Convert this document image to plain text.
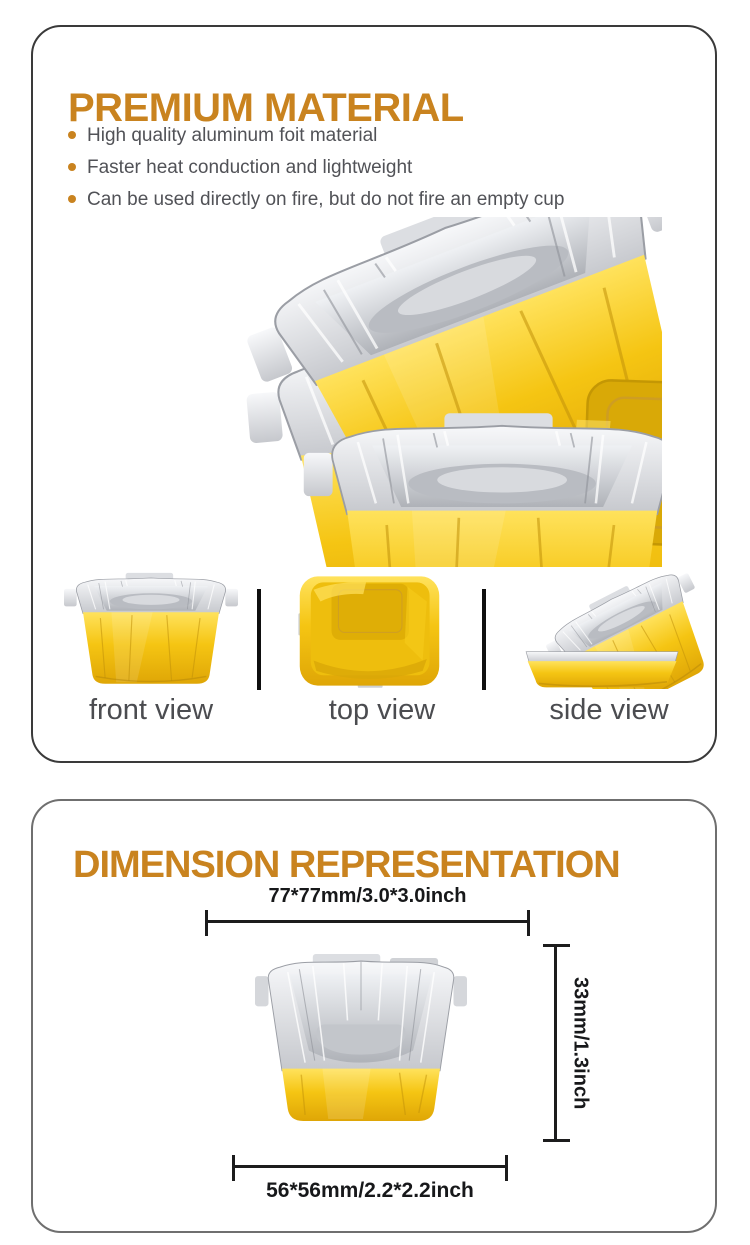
PREMIUM MATERIAL
High quality aluminum foit material
Faster heat conduction and lightweight
Can be used directly on fire, but do not fire an empty cup
front view	top view	side view
DIMENSION REPRESENTATION
77*77mm/3.0*3.0inch
33mm/1.3inch
56*56mm/2.2*2.2inch
